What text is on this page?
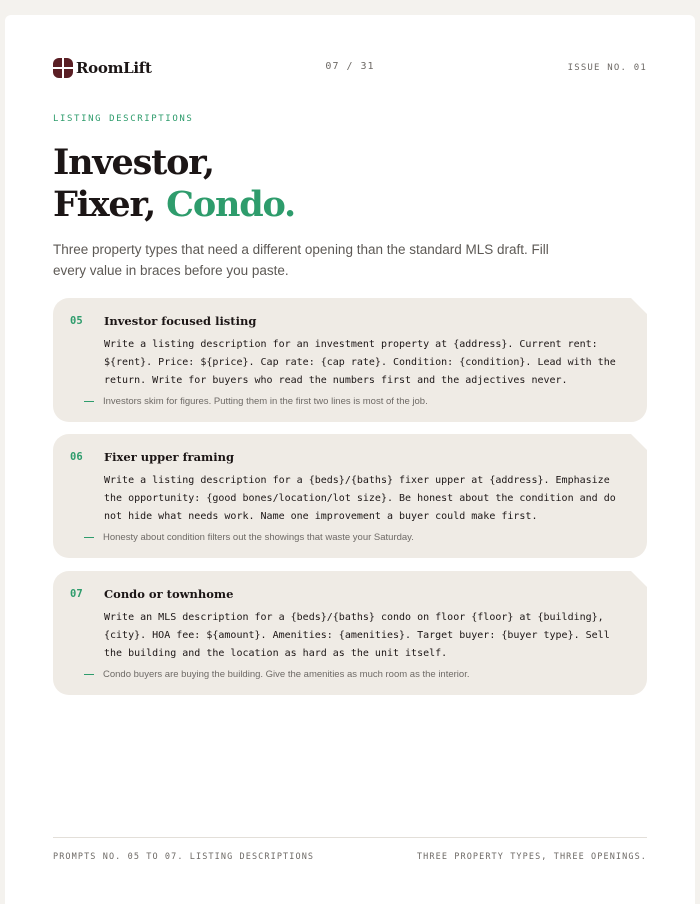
RoomLift	07 / 31	ISSUE NO. 01
LISTING DESCRIPTIONS
Investor,
Fixer, Condo.

Three property types that need a different opening than the standard MLS draft. Fill every value in braces before you paste.

05 Investor focused listing

Write a listing description for an investment property at {address}. Current rent: ${rent}. Price: ${price}. Cap rate: {cap rate}. Condition: {condition}. Lead with the return. Write for buyers who read the numbers first and the adjectives never.

Investors skim for figures. Putting them in the first two lines is most of the job.
06 Fixer upper framing

Write a listing description for a {beds}/{baths} fixer upper at {address}. Emphasize the opportunity: {good bones/location/lot size}. Be honest about the condition and do not hide what needs work. Name one improvement a buyer could make first.

Honesty about condition filters out the showings that waste your Saturday.
07 Condo or townhome

Write an MLS description for a {beds}/{baths} condo on floor {floor} at {building}, {city}. HOA fee: ${amount}. Amenities: {amenities}. Target buyer: {buyer type}. Sell the building and the location as hard as the unit itself.

Condo buyers are buying the building. Give the amenities as much room as the interior.
PROMPTS NO. 05 TO 07. LISTING DESCRIPTIONS	THREE PROPERTY TYPES, THREE OPENINGS.
